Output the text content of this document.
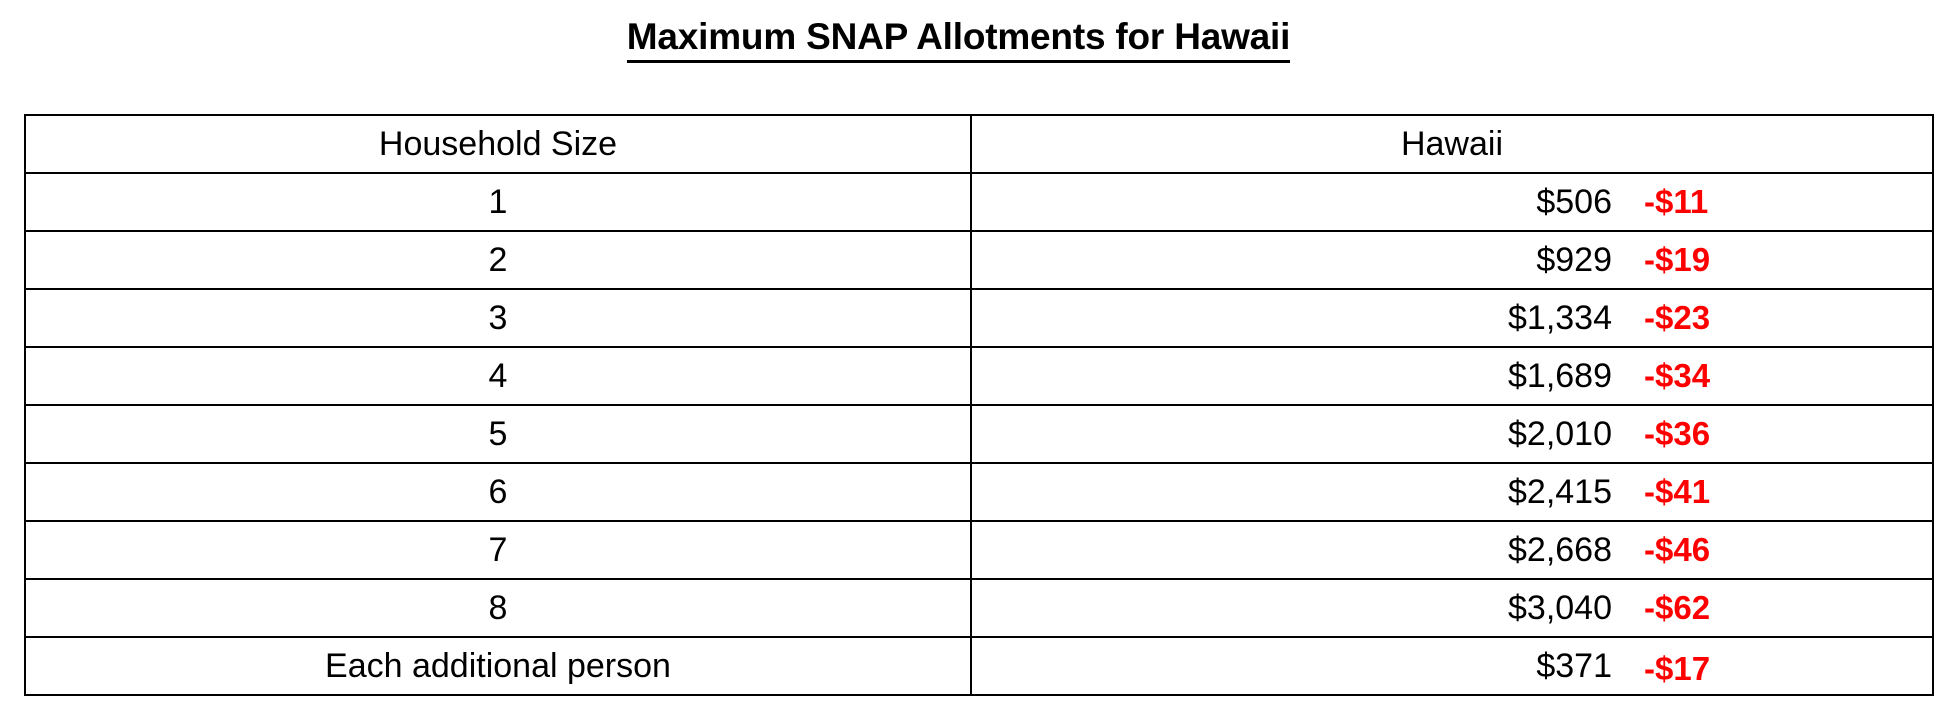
Maximum SNAP Allotments for Hawaii
Household Size	Hawaii
1	$506 -$11

2	$929 -$19

3	$1,334 -$23

4	$1,689 -$34

5	$2,010 -$36

6	$2,415 -$41

7	$2,668 -$46

8	$3,040 -$62

Each additional person	$371 -$17
